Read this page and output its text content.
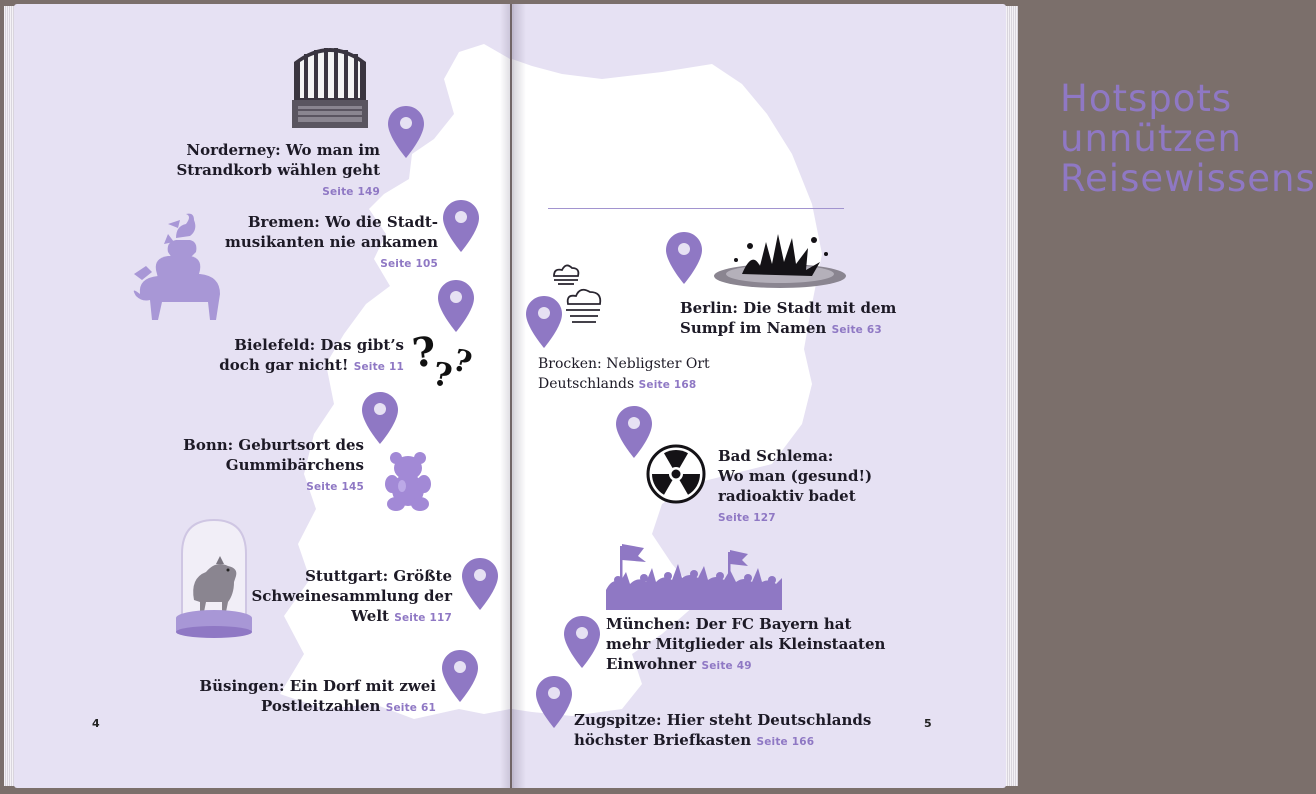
Norderney: Wo man im
Strandkorb wählen geht
Seite 149
Bremen: Wo die Stadt-
musikanten nie ankamen
Seite 105
Bielefeld: Das gibt’s
doch gar nicht! Seite 11 ?
?
?
Bonn: Geburtsort des
Gummibärchens
Seite 145
Stuttgart: Größte
Schweinesammlung der
Welt Seite 117
Büsingen: Ein Dorf mit zwei
Postleitzahlen Seite 61
4
Hotspots
unnützen
Reisewissens
Berlin: Die Stadt mit dem
Sumpf im Namen Seite 63
Brocken: Nebligster Ort
Deutschlands Seite 168
Bad Schlema:
Wo man (gesund!)
radioaktiv badet
Seite 127
München: Der FC Bayern hat
mehr Mitglieder als Kleinstaaten
Einwohner Seite 49
Zugspitze: Hier steht Deutschlands
höchster Briefkasten Seite 166
5
